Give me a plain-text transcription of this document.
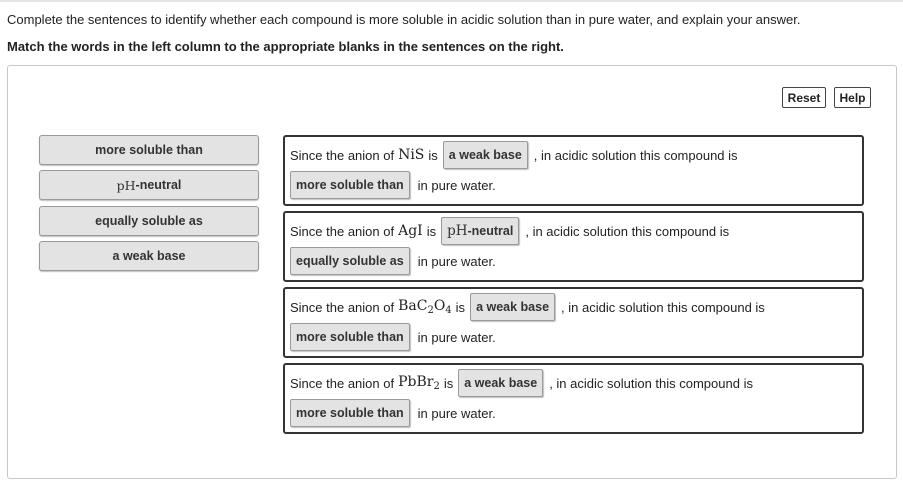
Complete the sentences to identify whether each compound is more soluble in acidic solution than in pure water, and explain your answer.
Match the words in the left column to the appropriate blanks in the sentences on the right.
Reset	Help
more soluble than
pH -neutral
equally soluble as
a weak base
Since the anion of NiS is a weak base , in acidic solution this compound is
more soluble than	in pure water.
Since the anion of AgI is pH -neutral , in acidic solution this compound is
equally soluble as	in pure water.
Since the anion of $BaC_2O_4$ is a weak base , in acidic solution this compound is
more soluble than	in pure water.
Since the anion of PbBr$_2$ is a weak base , in acidic solution this compound is
more soluble than	in pure water.
